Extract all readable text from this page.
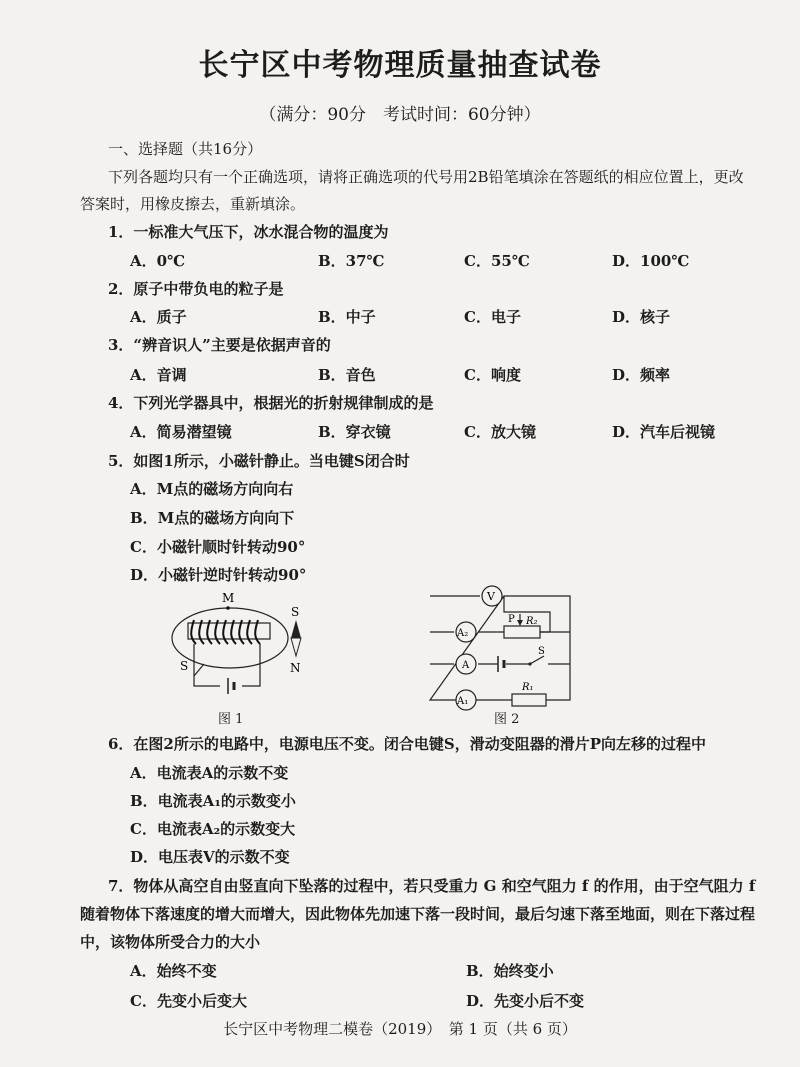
长宁区中考物理质量抽查试卷
（满分：90分　考试时间：60分钟）
一、选择题（共16分）
下列各题均只有一个正确选项，请将正确选项的代号用2B铅笔填涂在答题纸的相应位置上，更改
答案时，用橡皮擦去，重新填涂。
1．一标准大气压下，冰水混合物的温度为
A．0℃	B．37℃	C．55℃	D．100℃
2．原子中带负电的粒子是
A．质子	B．中子	C．电子	D．核子
3．“辨音识人”主要是依据声音的
A．音调	B．音色	C．响度	D．频率
4．下列光学器具中，根据光的折射规律制成的是
A．简易潜望镜	B．穿衣镜	C．放大镜	D．汽车后视镜
5．如图1所示，小磁针静止。当电键S闭合时
A．M点的磁场方向向右
B．M点的磁场方向向下
C．小磁针顺时针转动90°
D．小磁针逆时针转动90°
M
S
S
N
图 1
V
A₂
P R₂
A
S
A₁
R₁
图 2
6．在图2所示的电路中，电源电压不变。闭合电键S，滑动变阻器的滑片P向左移的过程中
A．电流表A的示数不变
B．电流表A₁的示数变小
C．电流表A₂的示数变大
D．电压表V的示数不变
7．物体从高空自由竖直向下坠落的过程中，若只受重力 G 和空气阻力 f 的作用，由于空气阻力 f
随着物体下落速度的增大而增大，因此物体先加速下落一段时间，最后匀速下落至地面，则在下落过程
中，该物体所受合力的大小
A．始终不变	B．始终变小
C．先变小后变大	D．先变小后不变
长宁区中考物理二模卷（2019）　第 1 页（共 6 页）
